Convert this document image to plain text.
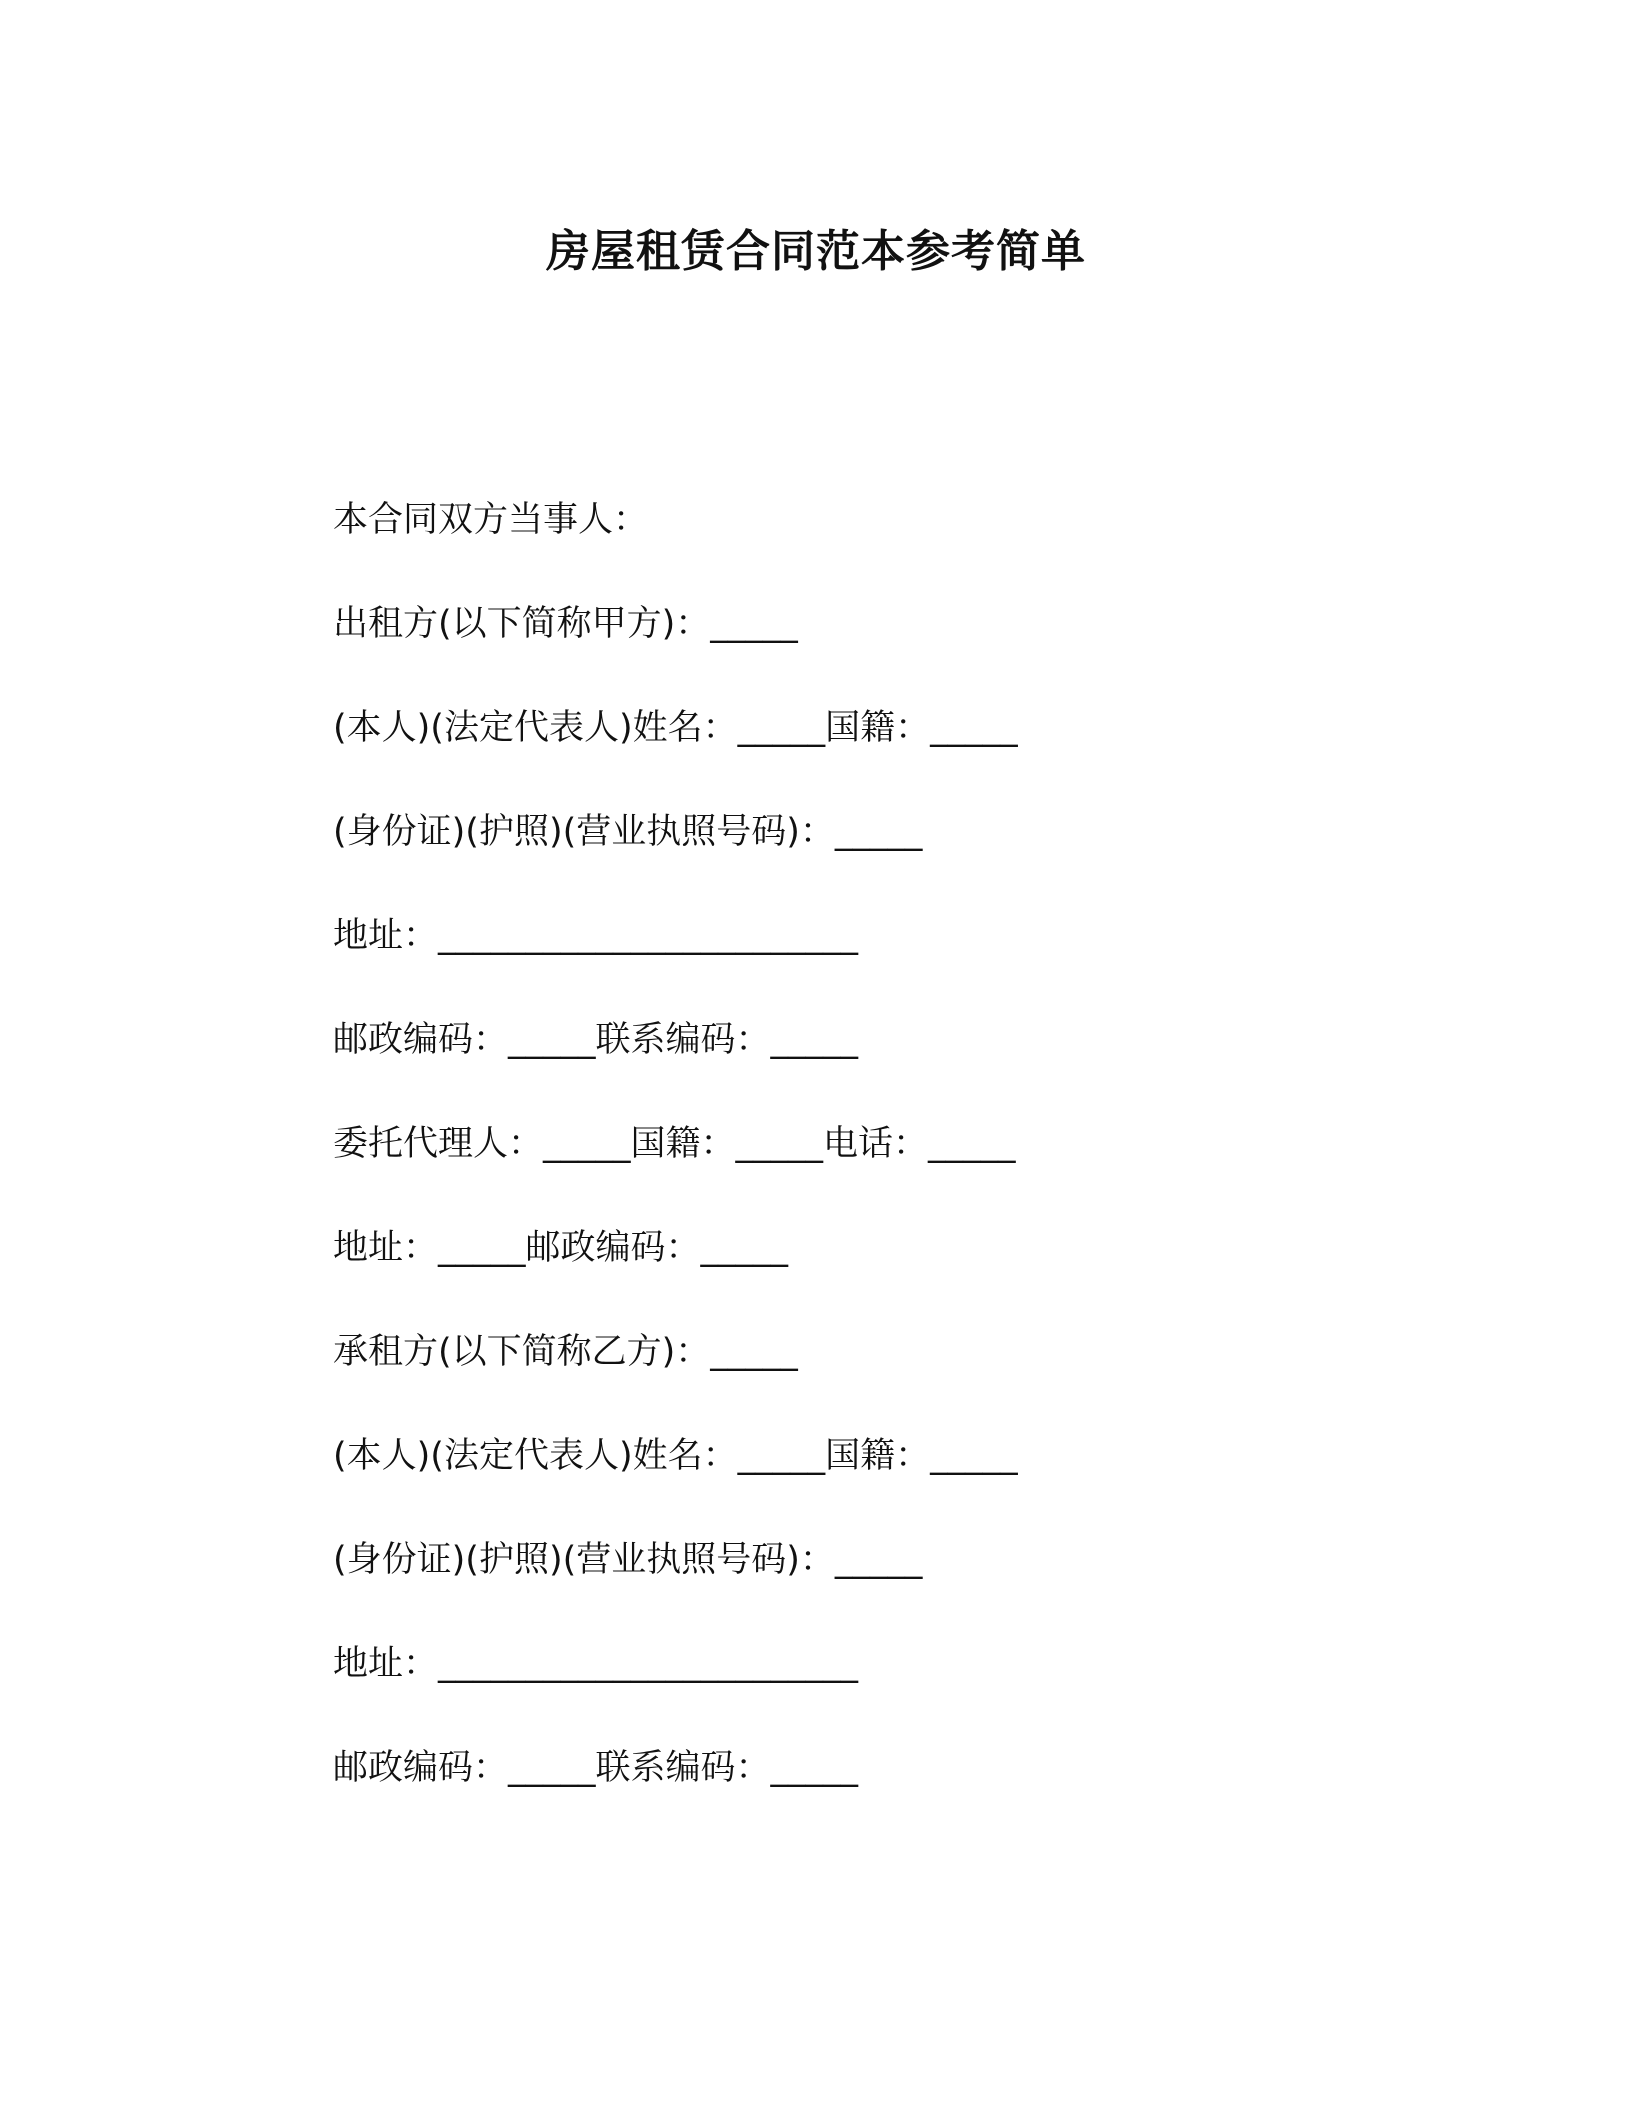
房屋租赁合同范本参考简单

本合同双方当事人：

出租方(以下简称甲方)：_____

(本人)(法定代表人)姓名：_____国籍：_____

(身份证)(护照)(营业执照号码)：_____

地址：________________________

邮政编码：_____联系编码：_____

委托代理人：_____国籍：_____电话：_____

地址：_____邮政编码：_____

承租方(以下简称乙方)：_____

(本人)(法定代表人)姓名：_____国籍：_____

(身份证)(护照)(营业执照号码)：_____

地址：________________________

邮政编码：_____联系编码：_____
